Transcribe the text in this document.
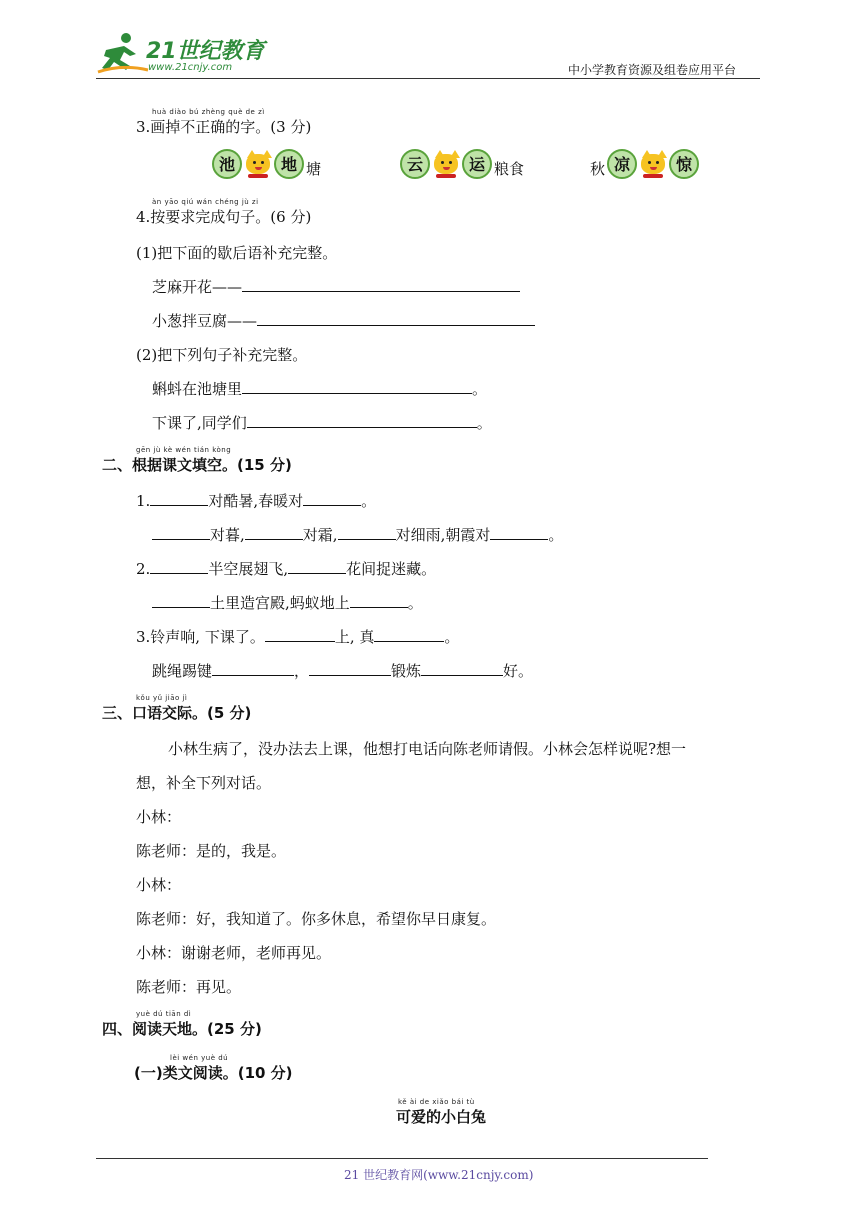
21世纪教育
www.21cnjy.com	中小学教育资源及组卷应用平台
huà diào bú zhèng què de zì
3.画掉不正确的字。(3 分)
池	地 塘	云	运 粮食	秋 凉	惊
àn yāo qiú wán chéng jù zi
4.按要求完成句子。(6 分)
(1)把下面的歇后语补充完整。
芝麻开花——
小葱拌豆腐——
(2)把下列句子补充完整。
蝌蚪在池塘里	。
下课了,同学们	。
gēn jù kè wén tián kòng
二、根据课文填空。(15 分)
1.	对酷暑,春暖对	。
对暮,	对霜,	对细雨,朝霞对	。
2.	半空展翅飞,	花间捉迷藏。
土里造宫殿,蚂蚁地上	。
3.铃声响, 下课了。	上, 真	。
跳绳踢键	，	锻炼	好。
kǒu yǔ jiāo jì
三、口语交际。(5 分)
小林生病了，没办法去上课，他想打电话向陈老师请假。小林会怎样说呢?想一
想，补全下列对话。
小林：
陈老师：是的，我是。
小林：
陈老师：好，我知道了。你多休息，希望你早日康复。
小林：谢谢老师，老师再见。
陈老师：再见。
yuè dú tiān dì
四、阅读天地。(25 分)
lèi wén yuè dú
(一)类文阅读。(10 分)
kě ài de xiǎo bái tù
可爱的小白兔
21 世纪教育网(www.21cnjy.com)
